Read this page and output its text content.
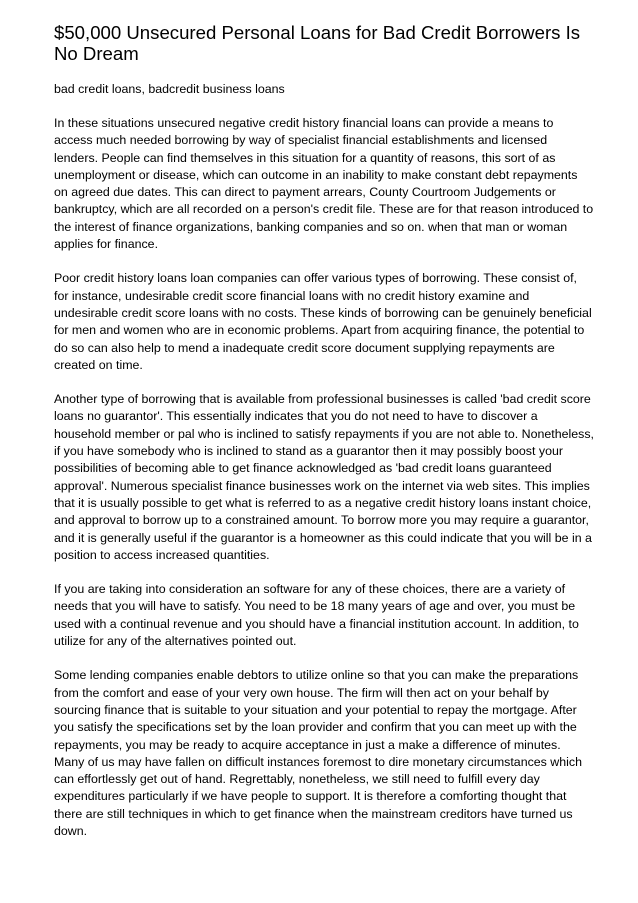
$50,000 Unsecured Personal Loans for Bad Credit Borrowers Is No Dream
bad credit loans, badcredit business loans

In these situations unsecured negative credit history financial loans can provide a means to access much needed borrowing by way of specialist financial establishments and licensed lenders. People can find themselves in this situation for a quantity of reasons, this sort of as unemployment or disease, which can outcome in an inability to make constant debt repayments on agreed due dates. This can direct to payment arrears, County Courtroom Judgements or bankruptcy, which are all recorded on a person's credit file. These are for that reason introduced to the interest of finance organizations, banking companies and so on. when that man or woman applies for finance.

Poor credit history loans loan companies can offer various types of borrowing. These consist of, for instance, undesirable credit score financial loans with no credit history examine and undesirable credit score loans with no costs. These kinds of borrowing can be genuinely beneficial for men and women who are in economic problems. Apart from acquiring finance, the potential to do so can also help to mend a inadequate credit score document supplying repayments are created on time.

Another type of borrowing that is available from professional businesses is called 'bad credit score loans no guarantor'. This essentially indicates that you do not need to have to discover a household member or pal who is inclined to satisfy repayments if you are not able to. Nonetheless, if you have somebody who is inclined to stand as a guarantor then it may possibly boost your possibilities of becoming able to get finance acknowledged as 'bad credit loans guaranteed approval'. Numerous specialist finance businesses work on the internet via web sites. This implies that it is usually possible to get what is referred to as a negative credit history loans instant choice, and approval to borrow up to a constrained amount. To borrow more you may require a guarantor, and it is generally useful if the guarantor is a homeowner as this could indicate that you will be in a position to access increased quantities.

If you are taking into consideration an software for any of these choices, there are a variety of needs that you will have to satisfy. You need to be 18 many years of age and over, you must be used with a continual revenue and you should have a financial institution account. In addition, to utilize for any of the alternatives pointed out.

Some lending companies enable debtors to utilize online so that you can make the preparations from the comfort and ease of your very own house. The firm will then act on your behalf by sourcing finance that is suitable to your situation and your potential to repay the mortgage. After you satisfy the specifications set by the loan provider and confirm that you can meet up with the repayments, you may be ready to acquire acceptance in just a make a difference of minutes. Many of us may have fallen on difficult instances foremost to dire monetary circumstances which can effortlessly get out of hand. Regrettably, nonetheless, we still need to fulfill every day expenditures particularly if we have people to support. It is therefore a comforting thought that there are still techniques in which to get finance when the mainstream creditors have turned us down.
